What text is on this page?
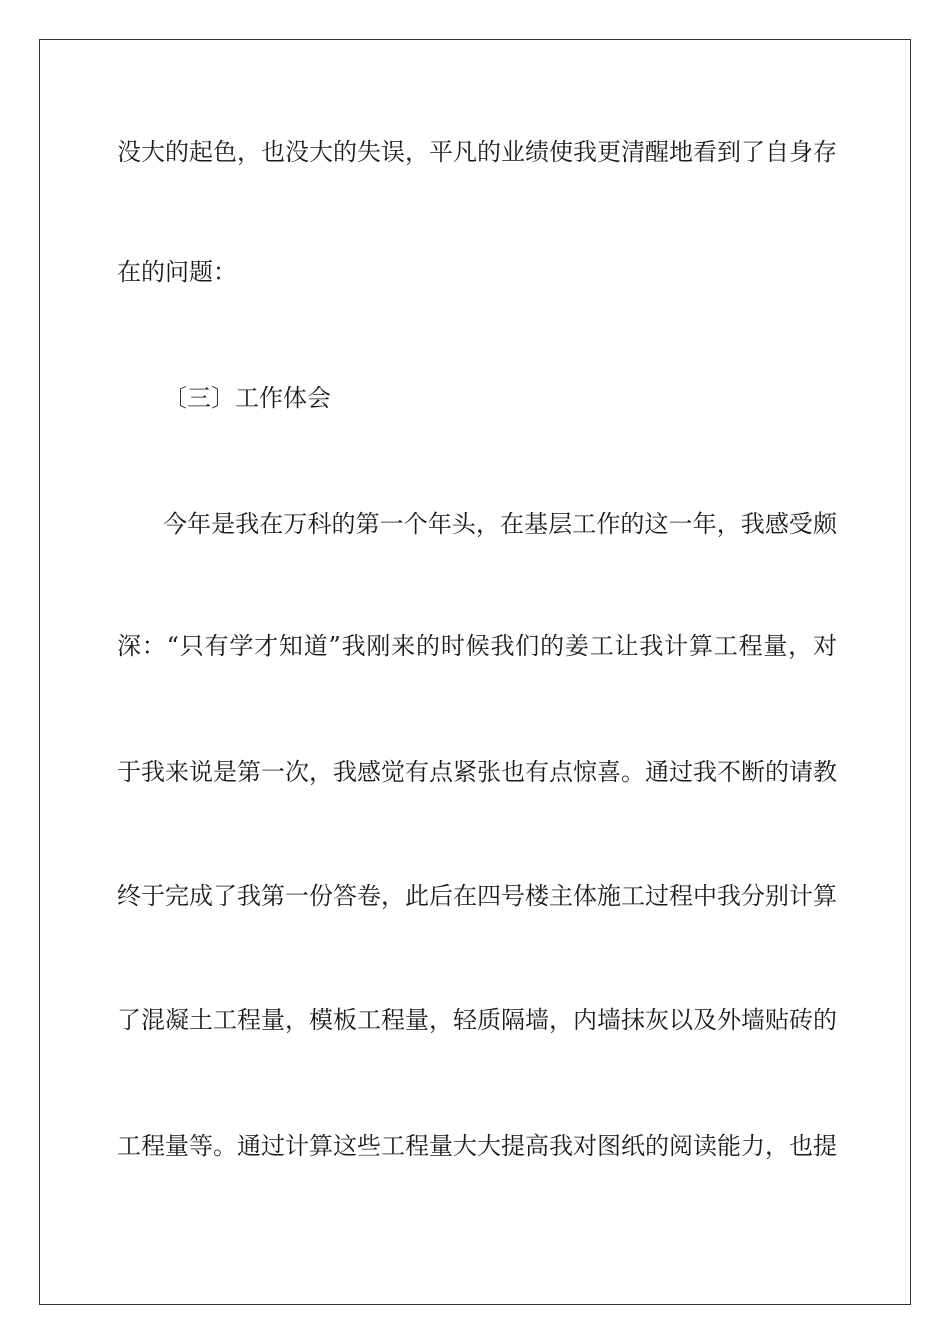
没大的起色，也没大的失误，平凡的业绩使我更清醒地看到了自身存
在的问题：
〔三〕工作体会
今年是我在万科的第一个年头，在基层工作的这一年，我感受颇
深：“只有学才知道”我刚来的时候我们的姜工让我计算工程量，对
于我来说是第一次，我感觉有点紧张也有点惊喜。通过我不断的请教
终于完成了我第一份答卷，此后在四号楼主体施工过程中我分别计算
了混凝土工程量，模板工程量，轻质隔墙，内墙抹灰以及外墙贴砖的
工程量等。通过计算这些工程量大大提高我对图纸的阅读能力，也提
